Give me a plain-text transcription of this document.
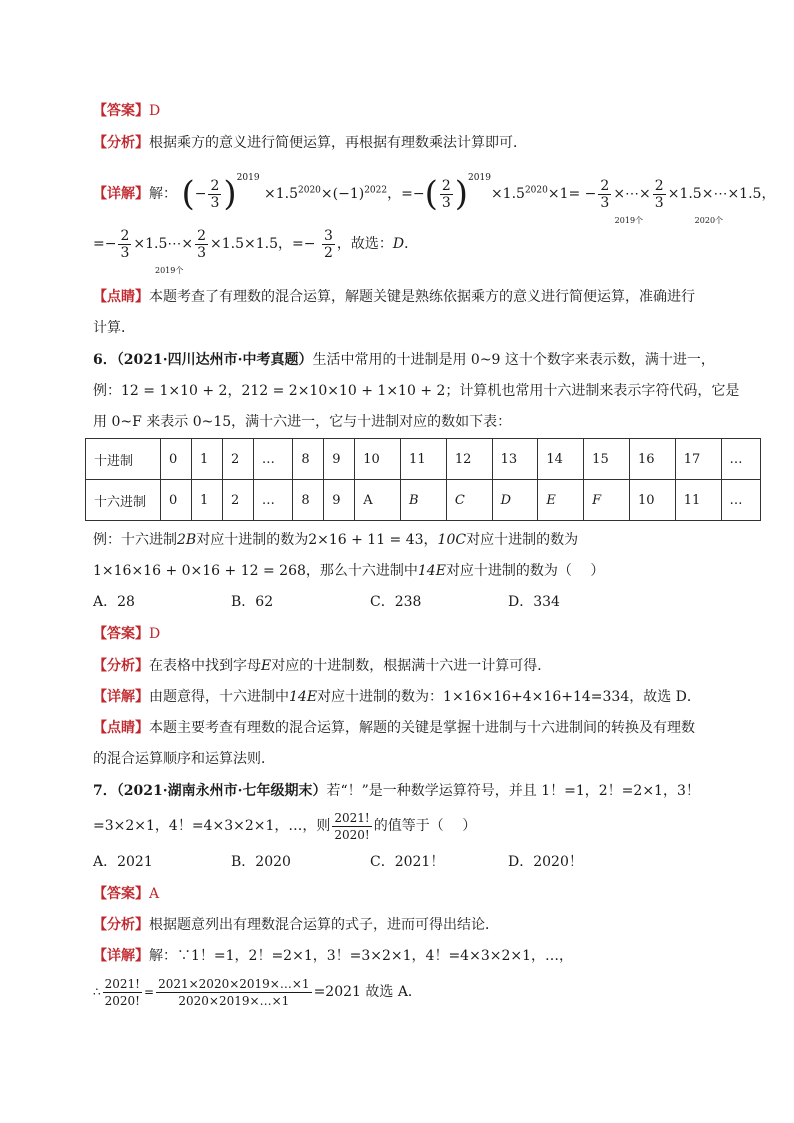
【答案】D
【分析】根据乘方的意义进行简便运算，再根据有理数乘法计算即可．
【详解】解： (− $\frac{2}{3} )^{2019} \times 1.5^{2020}\times(-1)^{2022}$，=−( $\frac{2}{3} )^{2019}\times 1.5^{2020}\times 1= - \frac{2}{3}$ ×⋯× $\frac{2}{3}$ ×1.5×⋯×1.5
2019个	2020个
，
=− $\frac{2}{3}$ ×1.5⋯× $\frac{2}{3} \times 1.5\times 1.5$
2019个
，=− $\frac{3}{2}$ ，故选：D．
【点睛】本题考查了有理数的混合运算，解题关键是熟练依据乘方的意义进行简便运算，准确进行
计算．
6．（2021·四川达州市·中考真题）生活中常用的十进制是用 0~9 这十个数字来表示数，满十进一，
例：12 = 1×10 + 2，212 = 2×10×10 + 1×10 + 2；计算机也常用十六进制来表示字符代码，它是
用 0~F 来表示 0~15，满十六进一，它与十进制对应的数如下表：
十进制	0	1	2	…	8	9	10	11	12	13	14	15	16	17	…
十六进制	0	1	2	…	8	9	A	B	C	D	E	F	10	11	…
例：十六进制2B对应十进制的数为2×16 + 11 = 43，10C对应十进制的数为
1×16×16 + 0×16 + 12 = 268，那么十六进制中14E对应十进制的数为（　 ）
A．28	B．62	C．238	D．334
【答案】D
【分析】在表格中找到字母E对应的十进制数，根据满十六进一计算可得．
【详解】由题意得，十六进制中14E对应十进制的数为：1×16×16+4×16+14=334，故选 D．
【点睛】本题主要考查有理数的混合运算，解题的关键是掌握十进制与十六进制间的转换及有理数
的混合运算顺序和运算法则．
7．（2021·湖南永州市·七年级期末）若“！”是一种数学运算符号，并且 1！=1，2！=2×1，3！
=3×2×1，4！=4×3×2×1，…，则 $\frac{2021!}{2020!}$ 的值等于（　 ）
A．2021	B．2020	C．2021！	D．2020！
【答案】A
【分析】根据题意列出有理数混合运算的式子，进而可得出结论．
【详解】解：∵1！=1，2！=2×1，3！=3×2×1，4！=4×3×2×1，…，
∴ $\frac{2021!}{2020!} = \frac{2021\times 2020\times 2019\times\dots\times 1}{2020\times 2019\times\dots\times 1} =2021$ 故选 A．
